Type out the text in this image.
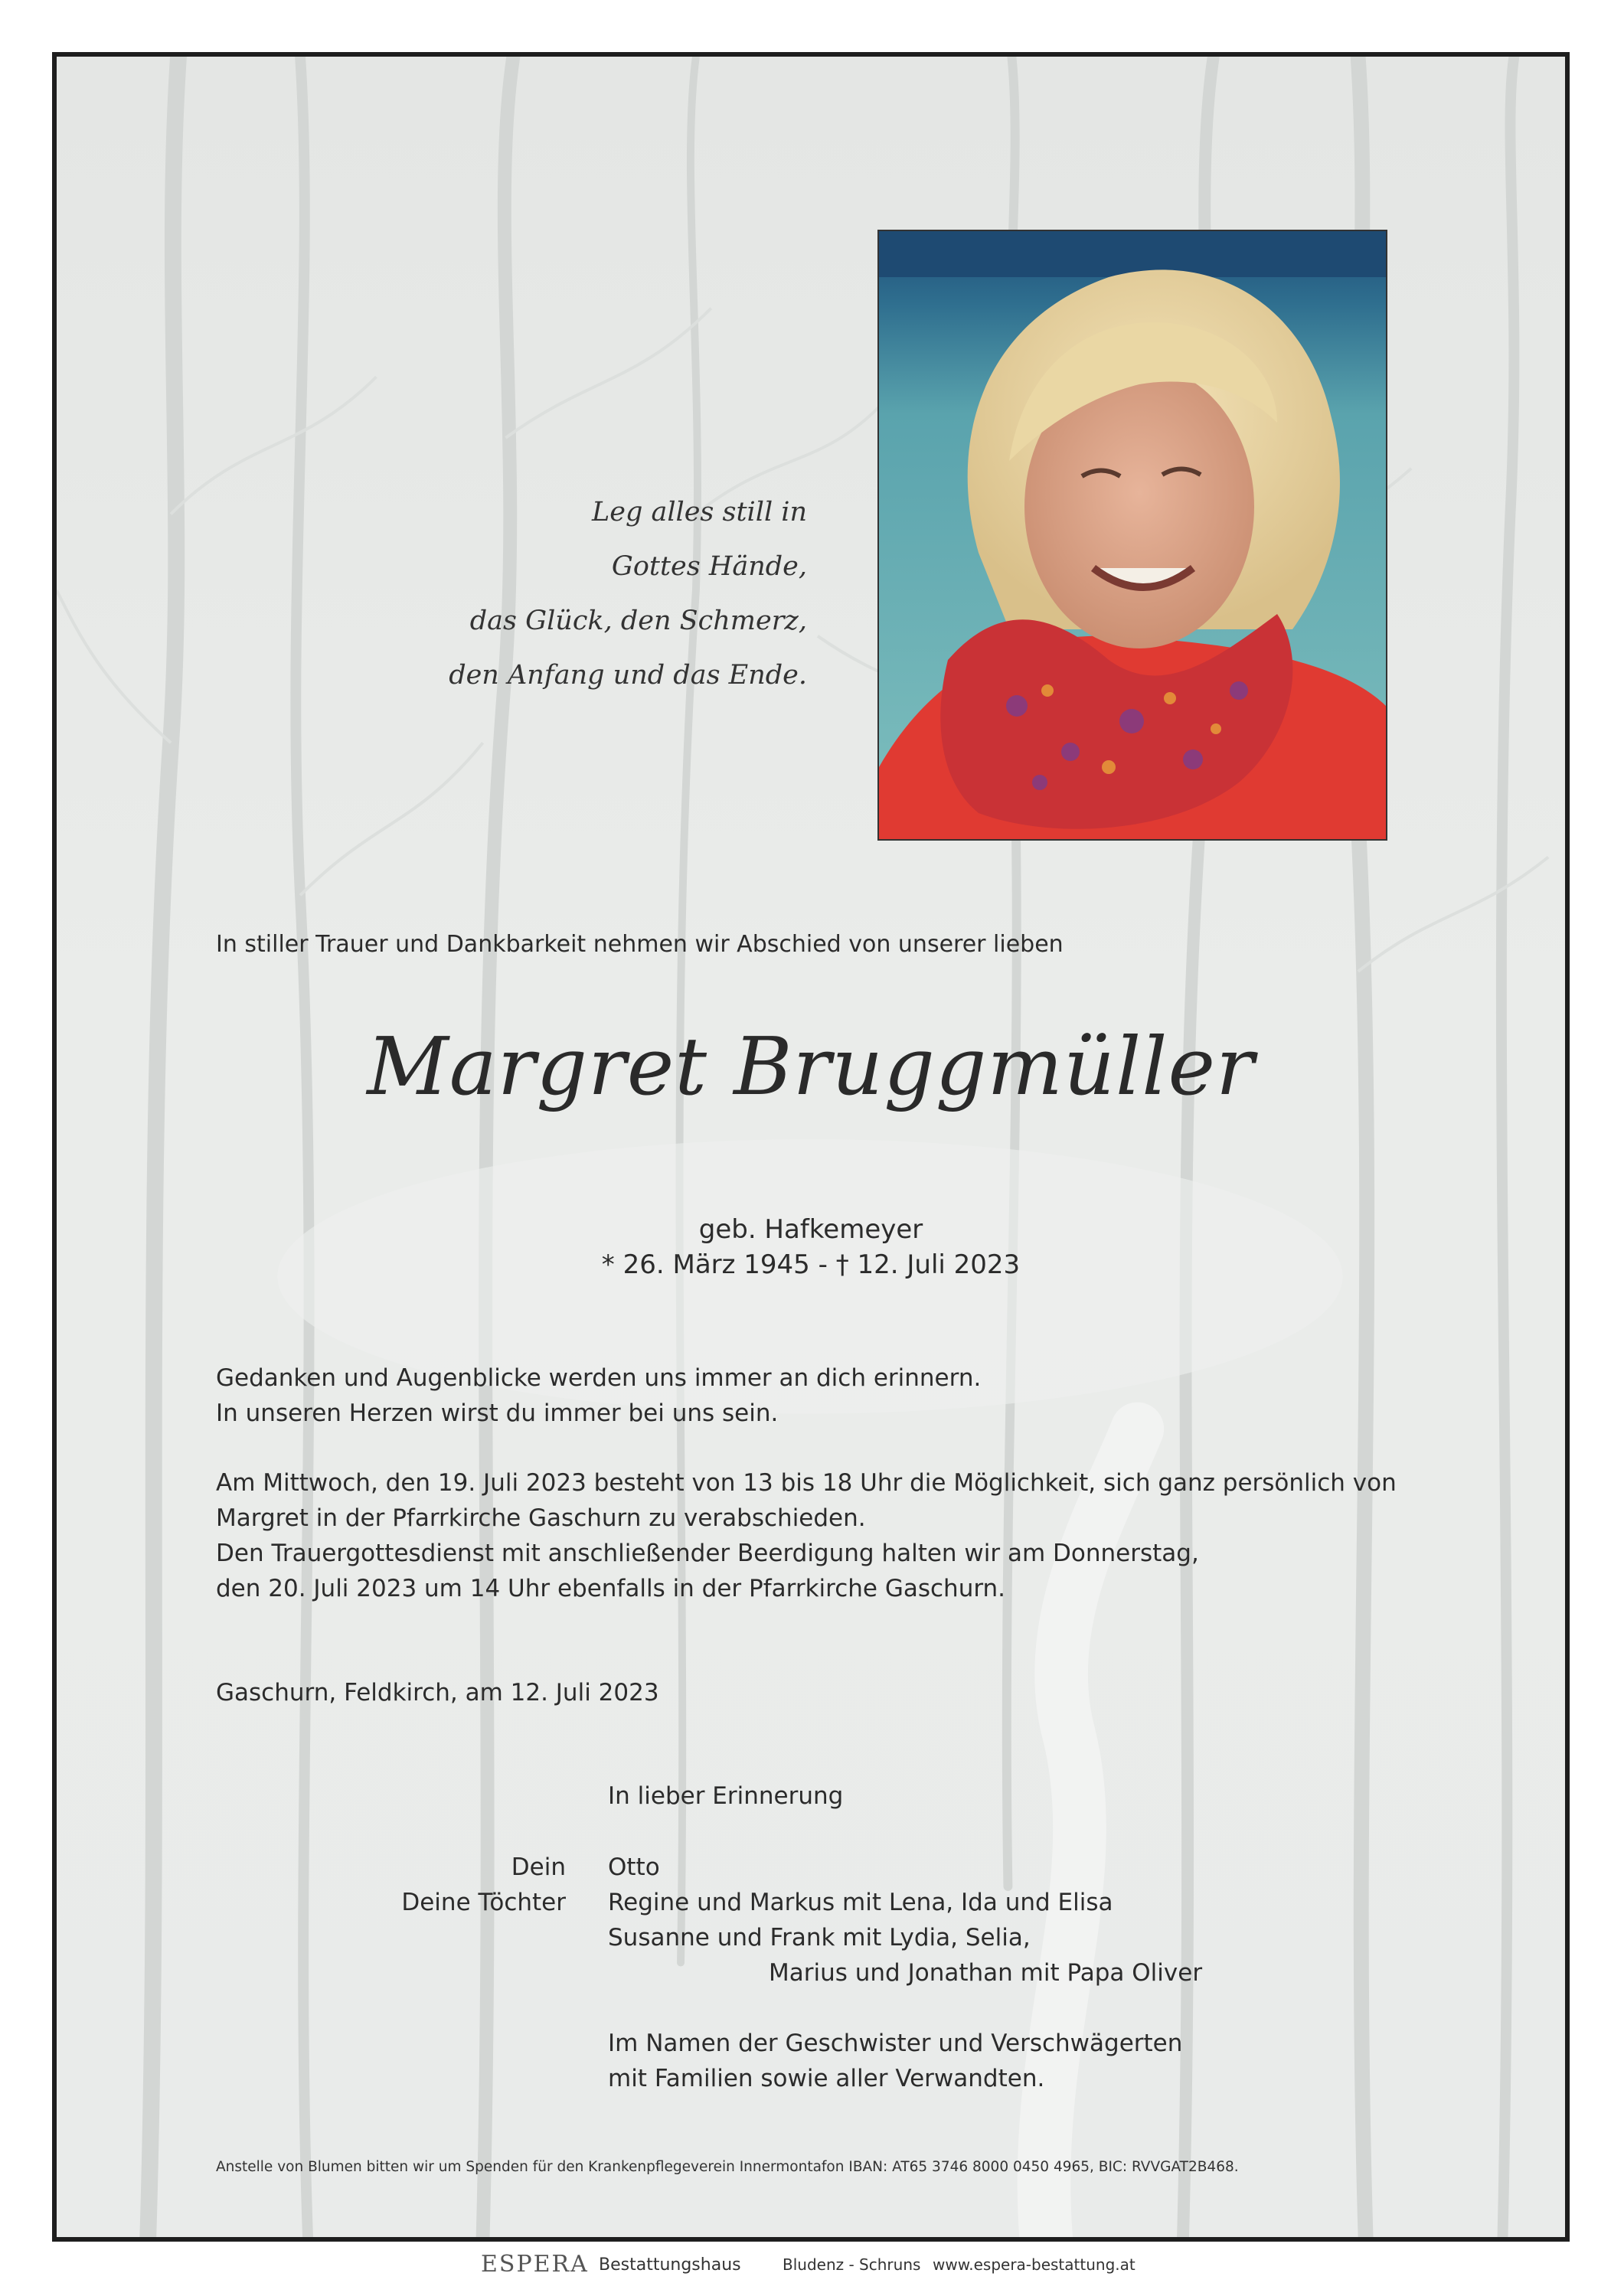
Leg alles still in
Gottes Hände,
das Glück, den Schmerz,
den Anfang und das Ende.
In stiller Trauer und Dankbarkeit nehmen wir Abschied von unserer lieben
Margret Bruggmüller
geb. Hafkemeyer
* 26. März 1945 - † 12. Juli 2023
Gedanken und Augenblicke werden uns immer an dich erinnern.
In unseren Herzen wirst du immer bei uns sein.
Am Mittwoch, den 19. Juli 2023 besteht von 13 bis 18 Uhr die Möglichkeit, sich ganz persönlich von
Margret in der Pfarrkirche Gaschurn zu verabschieden.
Den Trauergottesdienst mit anschließender Beerdigung halten wir am Donnerstag,
den 20. Juli 2023 um 14 Uhr ebenfalls in der Pfarrkirche Gaschurn.
Gaschurn, Feldkirch, am 12. Juli 2023
In lieber Erinnerung
Dein Otto
Deine Töchter Regine und Markus mit Lena, Ida und Elisa
Susanne und Frank mit Lydia, Selia,
Marius und Jonathan mit Papa Oliver
Im Namen der Geschwister und Verschwägerten
mit Familien sowie aller Verwandten.
Anstelle von Blumen bitten wir um Spenden für den Krankenpflegeverein Innermontafon IBAN: AT65 3746 8000 0450 4965, BIC: RVVGAT2B468.
ESPERA Bestattungshaus	Bludenz - Schruns www.espera-bestattung.at
